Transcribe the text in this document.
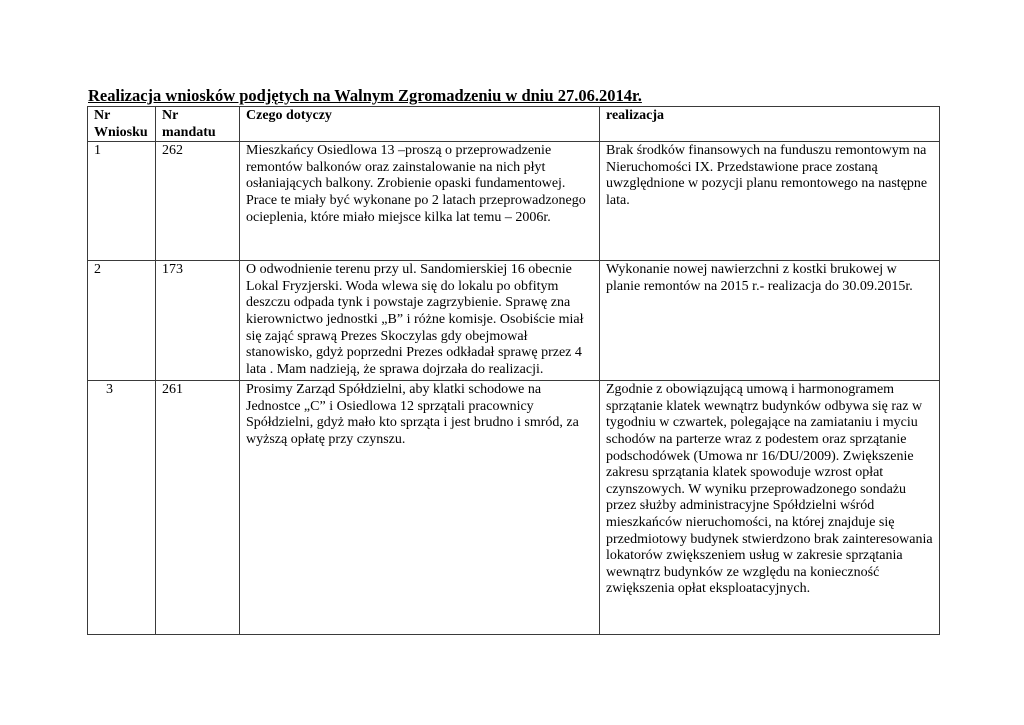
Realizacja wniosków podjętych na Walnym Zgromadzeniu w dniu 27.06.2014r.
Nr Wniosku	Nr mandatu	Czego dotyczy	realizacja
1	262	Mieszkańcy Osiedlowa 13 –proszą o przeprowadzenie remontów balkonów oraz zainstalowanie na nich płyt osłaniających balkony. Zrobienie opaski fundamentowej. Prace te miały być wykonane po 2 latach przeprowadzonego ocieplenia, które miało miejsce kilka lat temu – 2006r.	Brak środków finansowych na funduszu remontowym na Nieruchomości IX. Przedstawione prace zostaną uwzględnione w pozycji planu remontowego na następne lata.
2	173	O odwodnienie terenu przy ul. Sandomierskiej 16 obecnie Lokal Fryzjerski. Woda wlewa się do lokalu po obfitym deszczu odpada tynk i powstaje zagrzybienie. Sprawę zna kierownictwo jednostki „B” i różne komisje. Osobiście miał się zająć sprawą Prezes Skoczylas gdy obejmował stanowisko, gdyż poprzedni Prezes odkładał sprawę przez 4 lata . Mam nadzieją, że sprawa dojrzała do realizacji.	Wykonanie nowej nawierzchni z kostki brukowej w planie remontów na 2015 r.- realizacja do 30.09.2015r.
3	261	Prosimy Zarząd Spółdzielni, aby klatki schodowe na Jednostce „C” i Osiedlowa 12 sprzątali pracownicy Spółdzielni, gdyż mało kto sprząta i jest brudno i smród, za wyższą opłatę przy czynszu.	Zgodnie z obowiązującą umową i harmonogramem sprzątanie klatek wewnątrz budynków odbywa się raz w tygodniu w czwartek, polegające na zamiataniu i myciu schodów na parterze wraz z podestem oraz sprzątanie podschodówek (Umowa nr 16/DU/2009). Zwiększenie zakresu sprzątania klatek spowoduje wzrost opłat czynszowych. W wyniku przeprowadzonego sondażu przez służby administracyjne Spółdzielni wśród mieszkańców nieruchomości, na której znajduje się przedmiotowy budynek stwierdzono brak zainteresowania lokatorów zwiększeniem usług w zakresie sprzątania wewnątrz budynków ze względu na konieczność zwiększenia opłat eksploatacyjnych.
